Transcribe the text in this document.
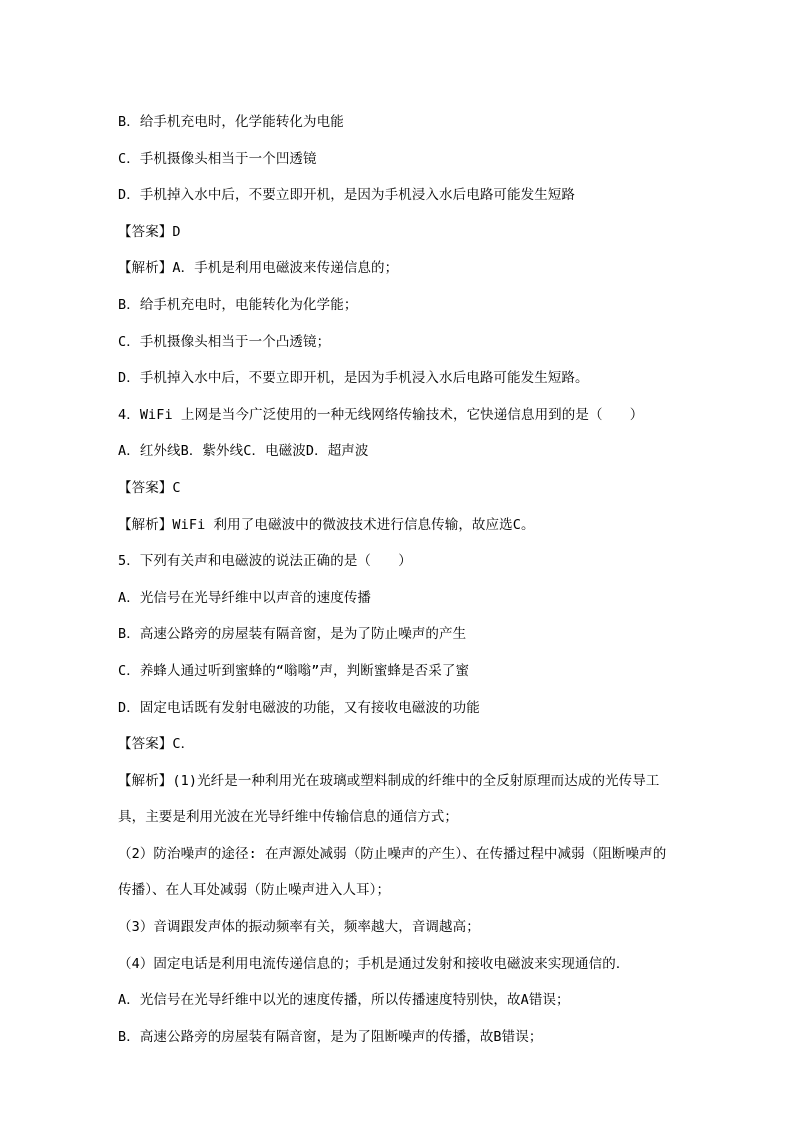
B．给手机充电时，化学能转化为电能
C．手机摄像头相当于一个凹透镜
D．手机掉入水中后，不要立即开机，是因为手机浸入水后电路可能发生短路
【答案】D
【解析】A．手机是利用电磁波来传递信息的；
B．给手机充电时，电能转化为化学能；
C．手机摄像头相当于一个凸透镜；
D．手机掉入水中后，不要立即开机，是因为手机浸入水后电路可能发生短路。
4．WiFi 上网是当今广泛使用的一种无线网络传输技术，它快递信息用到的是（　　）
A．红外线B．紫外线C．电磁波D．超声波
【答案】C
【解析】WiFi 利用了电磁波中的微波技术进行信息传输，故应选C。
5．下列有关声和电磁波的说法正确的是（　　）
A．光信号在光导纤维中以声音的速度传播
B．高速公路旁的房屋装有隔音窗，是为了防止噪声的产生
C．养蜂人通过听到蜜蜂的“嗡嗡”声，判断蜜蜂是否采了蜜
D．固定电话既有发射电磁波的功能，又有接收电磁波的功能
【答案】C．
【解析】(1)光纤是一种利用光在玻璃或塑料制成的纤维中的全反射原理而达成的光传导工
具，主要是利用光波在光导纤维中传输信息的通信方式；
（2）防治噪声的途径: 在声源处减弱（防止噪声的产生）、在传播过程中减弱（阻断噪声的
传播）、在人耳处减弱（防止噪声进入人耳）；
（3）音调跟发声体的振动频率有关，频率越大，音调越高；
（4）固定电话是利用电流传递信息的；手机是通过发射和接收电磁波来实现通信的．
A．光信号在光导纤维中以光的速度传播，所以传播速度特别快，故A错误；
B．高速公路旁的房屋装有隔音窗，是为了阻断噪声的传播，故B错误；
